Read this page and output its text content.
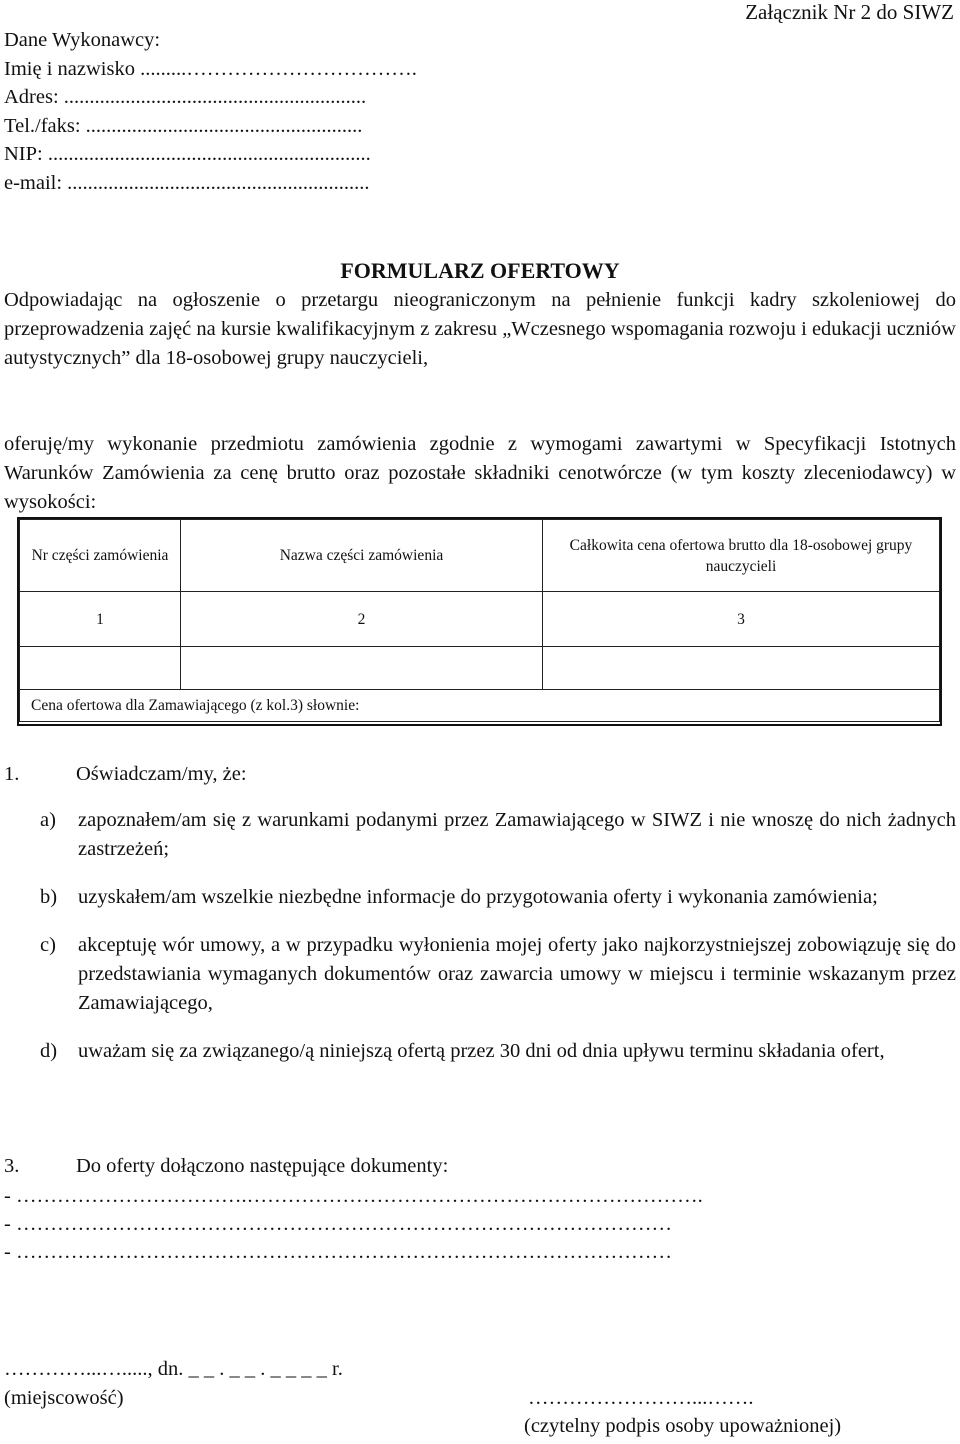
Załącznik Nr 2 do SIWZ
Dane Wykonawcy:
Imię i nazwisko .........…………………………….
Adres: ...........................................................
Tel./faks: ......................................................
NIP: ...............................................................
e-mail: ...........................................................
FORMULARZ OFERTOWY
Odpowiadając na ogłoszenie o przetargu nieograniczonym na pełnienie funkcji kadry szkoleniowej do przeprowadzenia zajęć na kursie kwalifikacyjnym z zakresu „Wczesnego wspomagania rozwoju i edukacji uczniów autystycznych” dla 18-osobowej grupy nauczycieli,
oferuję/my wykonanie przedmiotu zamówienia zgodnie z wymogami zawartymi w Specyfikacji Istotnych Warunków Zamówienia za cenę brutto oraz pozostałe składniki cenotwórcze (w tym koszty zleceniodawcy) w wysokości:
Nr części zamówienia	Nazwa części zamówienia	Całkowita cena ofertowa brutto dla 18-osobowej grupy nauczycieli
1	2	3

Cena ofertowa dla Zamawiającego (z kol.3) słownie:		
1.	Oświadczam/my, że:
a)	zapoznałem/am się z warunkami podanymi przez Zamawiającego w SIWZ i nie wnoszę do nich żadnych zastrzeżeń;
b)	uzyskałem/am wszelkie niezbędne informacje do przygotowania oferty i wykonania zamówienia;
c)	akceptuję wór umowy, a w przypadku wyłonienia mojej oferty jako najkorzystniejszej zobowiązuję się do przedstawiania wymaganych dokumentów oraz zawarcia umowy w miejscu i terminie wskazanym przez Zamawiającego,
d)	uważam się za związanego/ą niniejszą ofertą przez 30 dni od dnia upływu terminu składania ofert,
3.	Do oferty dołączono następujące dokumenty:
- …………………………….………………………………………………………….
- ……………………………………………………………………………………
- ……………………………………………………………………………………
…………...…....., dn. _ _ . _ _ . _ _ _ _ r.
(miejscowość)	……………………...…….
(czytelny podpis osoby upoważnionej)
